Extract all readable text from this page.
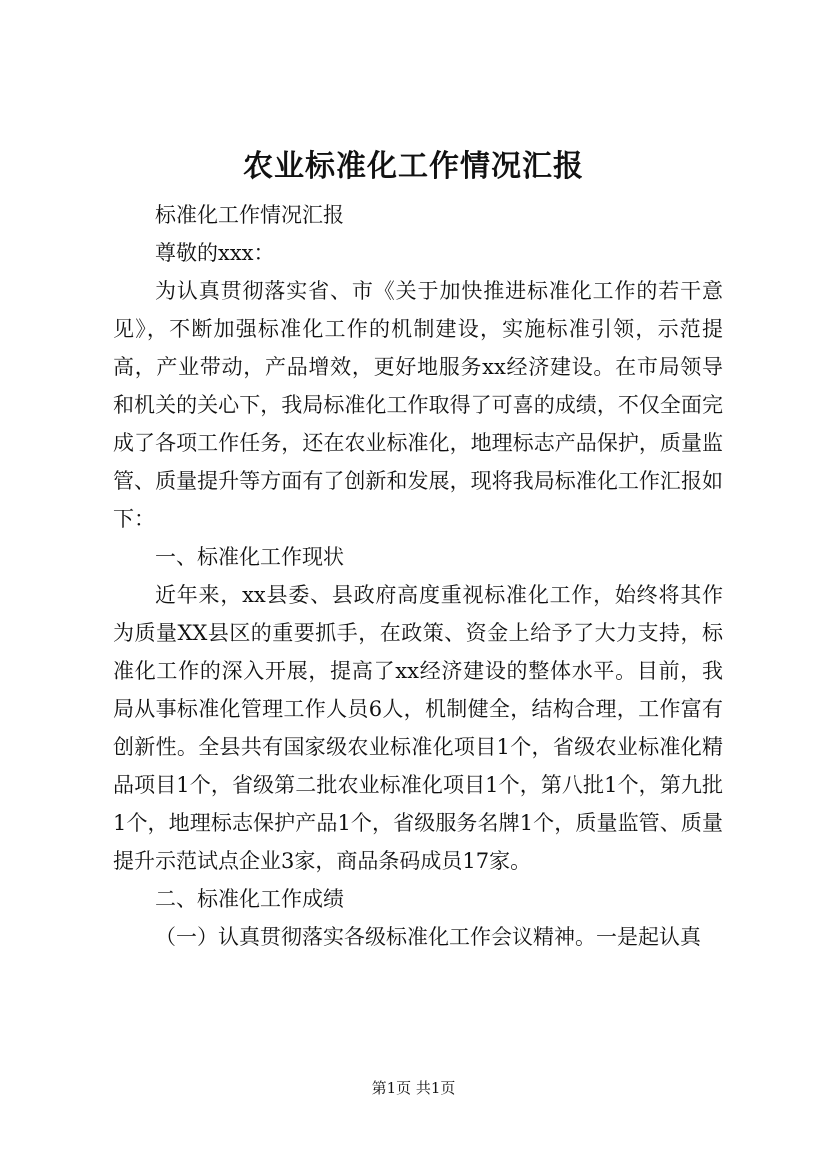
农业标准化工作情况汇报

标准化工作情况汇报

尊敬的xxx：

为认真贯彻落实省、市《关于加快推进标准化工作的若干意见》，不断加强标准化工作的机制建设，实施标准引领，示范提高，产业带动，产品增效，更好地服务xx经济建设。在市局领导和机关的关心下，我局标准化工作取得了可喜的成绩，不仅全面完成了各项工作任务，还在农业标准化，地理标志产品保护，质量监管、质量提升等方面有了创新和发展，现将我局标准化工作汇报如下：

一、标准化工作现状

近年来，xx县委、县政府高度重视标准化工作，始终将其作为质量XX县区的重要抓手，在政策、资金上给予了大力支持，标准化工作的深入开展，提高了xx经济建设的整体水平。目前，我局从事标准化管理工作人员6人，机制健全，结构合理，工作富有创新性。全县共有国家级农业标准化项目1个，省级农业标准化精品项目1个，省级第二批农业标准化项目1个，第八批1个，第九批1个，地理标志保护产品1个，省级服务名牌1个，质量监管、质量提升示范试点企业3家，商品条码成员17家。

二、标准化工作成绩

（一）认真贯彻落实各级标准化工作会议精神。一是起认真

第1页 共1页
